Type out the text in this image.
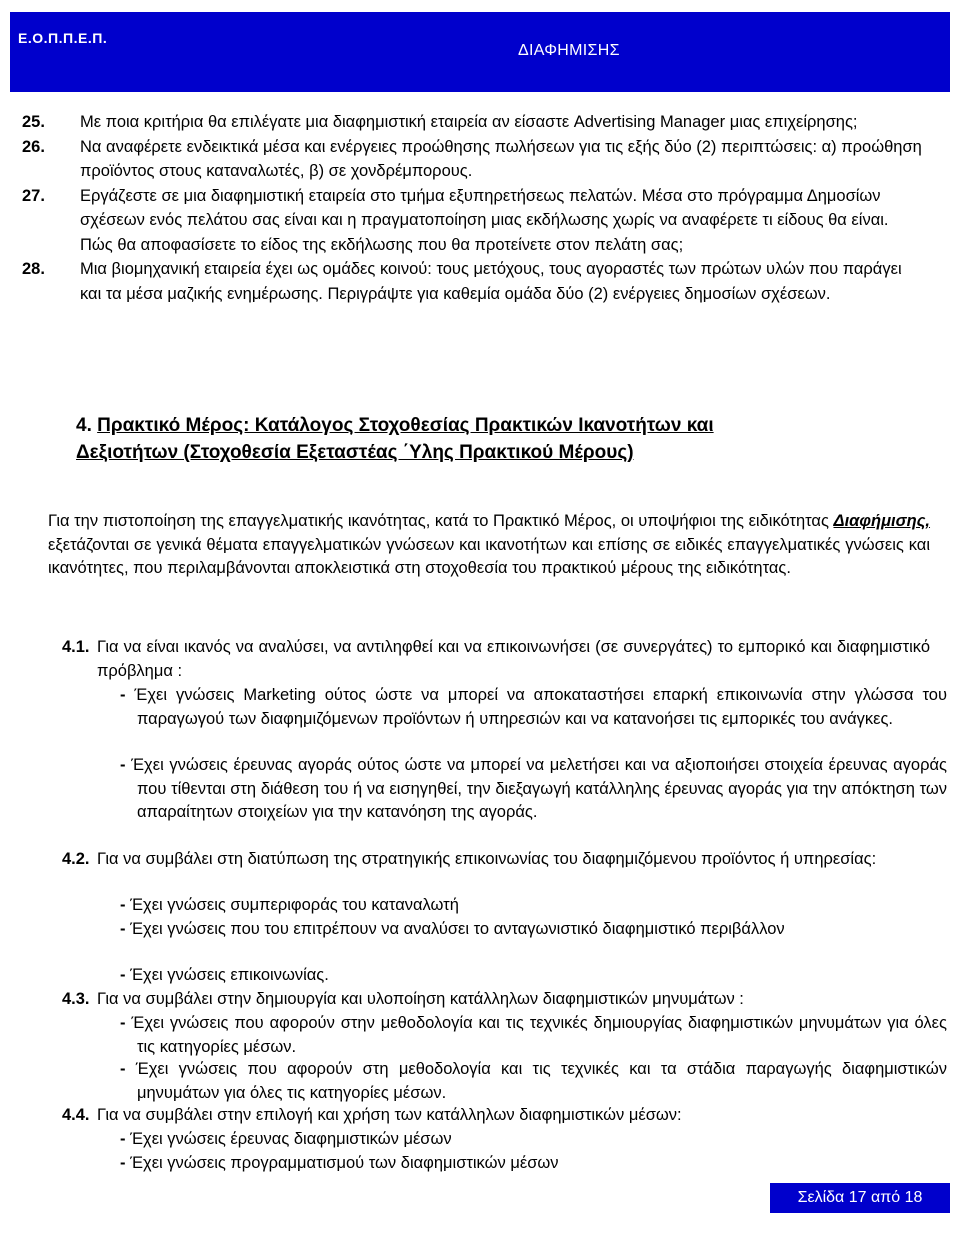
Ε.Ο.Π.Π.Ε.Π.
ΔΙΑΦΗΜΙΣΗΣ
25. Με ποια κριτήρια θα επιλέγατε μια διαφημιστική εταιρεία αν είσαστε Advertising Manager μιας επιχείρησης;
26. Να αναφέρετε ενδεικτικά μέσα και ενέργειες προώθησης πωλήσεων για τις εξής δύο (2) περιπτώσεις: α) προώθηση προϊόντος στους καταναλωτές, β) σε χονδρέμπορους.
27. Εργάζεστε σε μια διαφημιστική εταιρεία στο τμήμα εξυπηρετήσεως πελατών. Μέσα στο πρόγραμμα Δημοσίων σχέσεων ενός πελάτου σας είναι και η πραγματοποίηση μιας εκδήλωσης χωρίς να αναφέρετε τι είδους θα είναι. Πώς θα αποφασίσετε το είδος της εκδήλωσης που θα προτείνετε στον πελάτη σας;
28. Μια βιομηχανική εταιρεία έχει ως ομάδες κοινού: τους μετόχους, τους αγοραστές των πρώτων υλών που παράγει και τα μέσα μαζικής ενημέρωσης. Περιγράψτε για καθεμία ομάδα δύο (2) ενέργειες δημοσίων σχέσεων.
4. Πρακτικό Μέρος: Κατάλογος Στοχοθεσίας Πρακτικών Ικανοτήτων και
Δεξιοτήτων (Στοχοθεσία Εξεταστέας ΄Υλης Πρακτικού Μέρους)
Για την πιστοποίηση της επαγγελματικής ικανότητας, κατά το Πρακτικό Μέρος, οι υποψήφιοι της ειδικότητας Διαφήμισης, εξετάζονται σε γενικά θέματα επαγγελματικών γνώσεων και ικανοτήτων και επίσης σε ειδικές επαγγελματικές γνώσεις και ικανότητες, που περιλαμβάνονται αποκλειστικά στη στοχοθεσία του πρακτικού μέρους της ειδικότητας.
4.1. Για να είναι ικανός να αναλύσει, να αντιληφθεί και να επικοινωνήσει (σε συνεργάτες) το εμπορικό και διαφημιστικό πρόβλημα :
- Έχει γνώσεις Marketing ούτος ώστε να μπορεί να αποκαταστήσει επαρκή επικοινωνία στην γλώσσα του παραγωγού των διαφημιζόμενων προϊόντων ή υπηρεσιών και να κατανοήσει τις εμπορικές του ανάγκες.
- Έχει γνώσεις έρευνας αγοράς ούτος ώστε να μπορεί να μελετήσει και να αξιοποιήσει στοιχεία έρευνας αγοράς που τίθενται στη διάθεση του ή να εισηγηθεί, την διεξαγωγή κατάλληλης έρευνας αγοράς για την απόκτηση των απαραίτητων στοιχείων για την κατανόηση της αγοράς.
4.2. Για να συμβάλει στη διατύπωση της στρατηγικής επικοινωνίας του διαφημιζόμενου προϊόντος ή υπηρεσίας:
- Έχει γνώσεις συμπεριφοράς του καταναλωτή
- Έχει γνώσεις που του επιτρέπουν να αναλύσει το ανταγωνιστικό διαφημιστικό περιβάλλον
- Έχει γνώσεις επικοινωνίας.
4.3. Για να συμβάλει στην δημιουργία και υλοποίηση κατάλληλων διαφημιστικών μηνυμάτων :
- Έχει γνώσεις που αφορούν στην μεθοδολογία και τις τεχνικές δημιουργίας διαφημιστικών μηνυμάτων για όλες τις κατηγορίες μέσων.
- Έχει γνώσεις που αφορούν στη μεθοδολογία και τις τεχνικές και τα στάδια παραγωγής διαφημιστικών μηνυμάτων για όλες τις κατηγορίες μέσων.
4.4. Για να συμβάλει στην επιλογή και χρήση των κατάλληλων διαφημιστικών μέσων:
- Έχει γνώσεις έρευνας διαφημιστικών μέσων
- Έχει γνώσεις προγραμματισμού των διαφημιστικών μέσων
Σελίδα 17 από 18
